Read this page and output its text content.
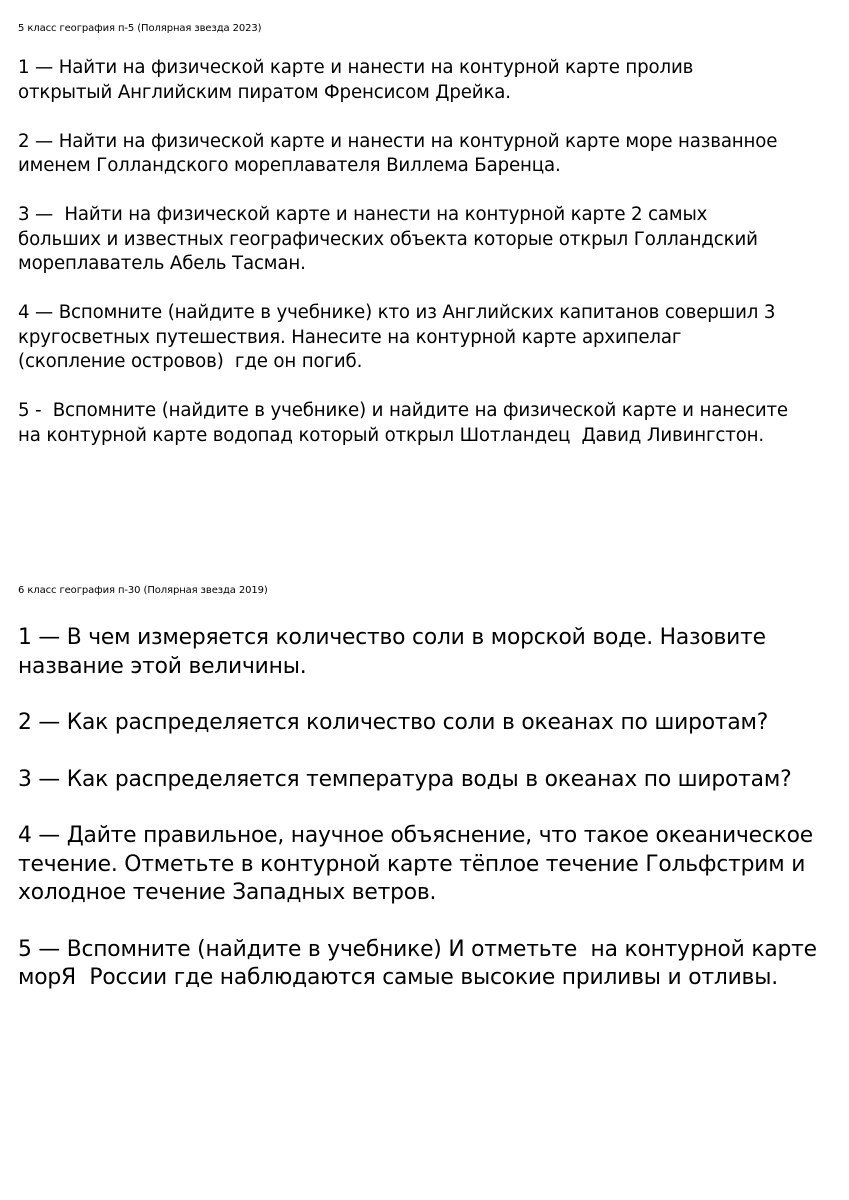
5 класс география п-5 (Полярная звезда 2023)

1 — Найти на физической карте и нанести на контурной карте пролив
открытый Английским пиратом Френсисом Дрейка.
2 — Найти на физической карте и нанести на контурной карте море названное
именем Голландского мореплавателя Виллема Баренца.
3 —  Найти на физической карте и нанести на контурной карте 2 самых
больших и известных географических объекта которые открыл Голландский
мореплаватель Абель Тасман.
4 — Вспомните (найдите в учебнике) кто из Английских капитанов совершил 3
кругосветных путешествия. Нанесите на контурной карте архипелаг
(скопление островов)  где он погиб.
5 -  Вспомните (найдите в учебнике) и найдите на физической карте и нанесите
на контурной карте водопад который открыл Шотландец  Давид Ливингстон.

6 класс география п-30 (Полярная звезда 2019)

1 — В чем измеряется количество соли в морской воде. Назовите
название этой величины.
2 — Как распределяется количество соли в океанах по широтам?
3 — Как распределяется температура воды в океанах по широтам?
4 — Дайте правильное, научное объяснение, что такое океаническое
течение. Отметьте в контурной карте тёплое течение Гольфстрим и
холодное течение Западных ветров.
5 — Вспомните (найдите в учебнике) И отметьте  на контурной карте
морЯ  России где наблюдаются самые высокие приливы и отливы.
